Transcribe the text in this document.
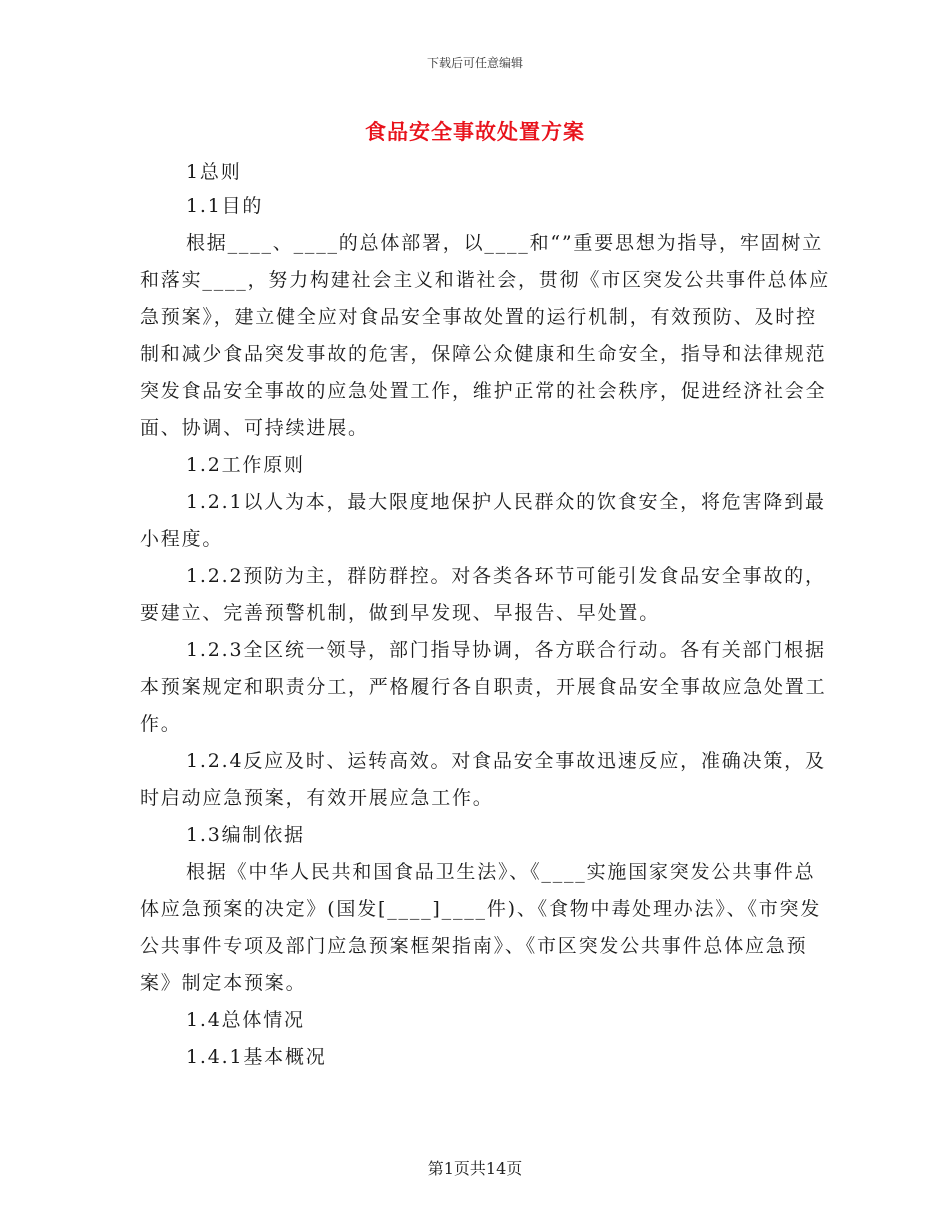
下载后可任意编辑
食品安全事故处置方案

1总则

1.1目的

根据____、____的总体部署，以____和“”重要思想为指导，牢固树立和落实____，努力构建社会主义和谐社会，贯彻《市区突发公共事件总体应急预案》，建立健全应对食品安全事故处置的运行机制，有效预防、及时控制和减少食品突发事故的危害，保障公众健康和生命安全，指导和法律规范突发食品安全事故的应急处置工作，维护正常的社会秩序，促进经济社会全面、协调、可持续进展。

1.2工作原则

1.2.1以人为本，最大限度地保护人民群众的饮食安全，将危害降到最小程度。

1.2.2预防为主，群防群控。对各类各环节可能引发食品安全事故的，要建立、完善预警机制，做到早发现、早报告、早处置。

1.2.3全区统一领导，部门指导协调，各方联合行动。各有关部门根据本预案规定和职责分工，严格履行各自职责，开展食品安全事故应急处置工作。

1.2.4反应及时、运转高效。对食品安全事故迅速反应，准确决策，及时启动应急预案，有效开展应急工作。

1.3编制依据

根据《中华人民共和国食品卫生法》、《____实施国家突发公共事件总体应急预案的决定》(国发[____]____件)、《食物中毒处理办法》、《市突发公共事件专项及部门应急预案框架指南》、《市区突发公共事件总体应急预案》制定本预案。

1.4总体情况

1.4.1基本概况

第1页共14页
